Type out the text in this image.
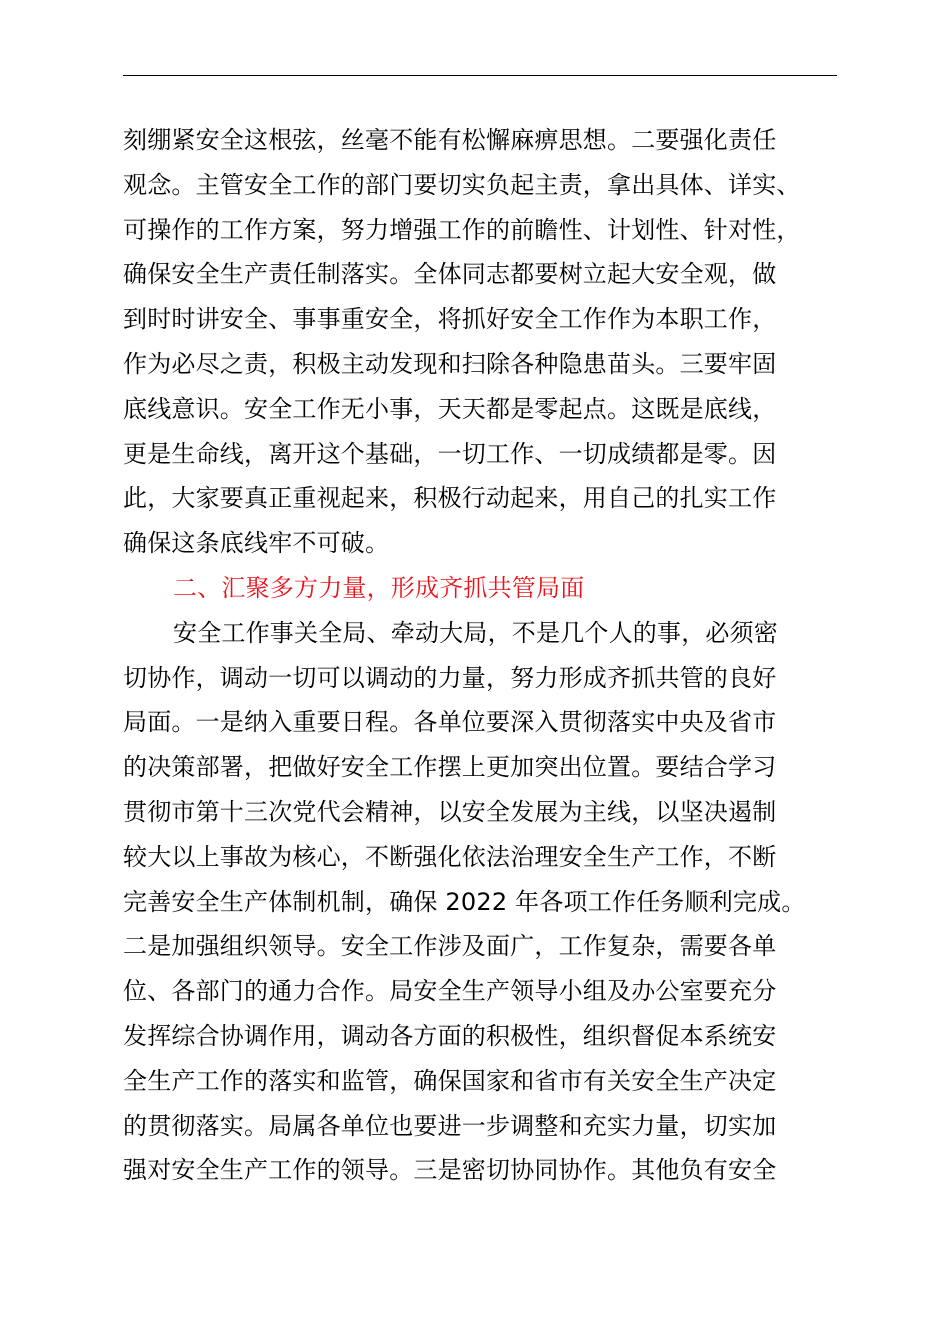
刻绷紧安全这根弦，丝毫不能有松懈麻痹思想。二要强化责任
观念。主管安全工作的部门要切实负起主责，拿出具体、详实、
可操作的工作方案，努力增强工作的前瞻性、计划性、针对性，
确保安全生产责任制落实。全体同志都要树立起大安全观，做
到时时讲安全、事事重安全，将抓好安全工作作为本职工作，
作为必尽之责，积极主动发现和扫除各种隐患苗头。三要牢固
底线意识。安全工作无小事，天天都是零起点。这既是底线，
更是生命线，离开这个基础，一切工作、一切成绩都是零。因
此，大家要真正重视起来，积极行动起来，用自己的扎实工作
确保这条底线牢不可破。
二、汇聚多方力量，形成齐抓共管局面
安全工作事关全局、牵动大局，不是几个人的事，必须密
切协作，调动一切可以调动的力量，努力形成齐抓共管的良好
局面。一是纳入重要日程。各单位要深入贯彻落实中央及省市
的决策部署，把做好安全工作摆上更加突出位置。要结合学习
贯彻市第十三次党代会精神，以安全发展为主线，以坚决遏制
较大以上事故为核心，不断强化依法治理安全生产工作，不断
完善安全生产体制机制，确保 2022 年各项工作任务顺利完成。
二是加强组织领导。安全工作涉及面广，工作复杂，需要各单
位、各部门的通力合作。局安全生产领导小组及办公室要充分
发挥综合协调作用，调动各方面的积极性，组织督促本系统安
全生产工作的落实和监管，确保国家和省市有关安全生产决定
的贯彻落实。局属各单位也要进一步调整和充实力量，切实加
强对安全生产工作的领导。三是密切协同协作。其他负有安全
